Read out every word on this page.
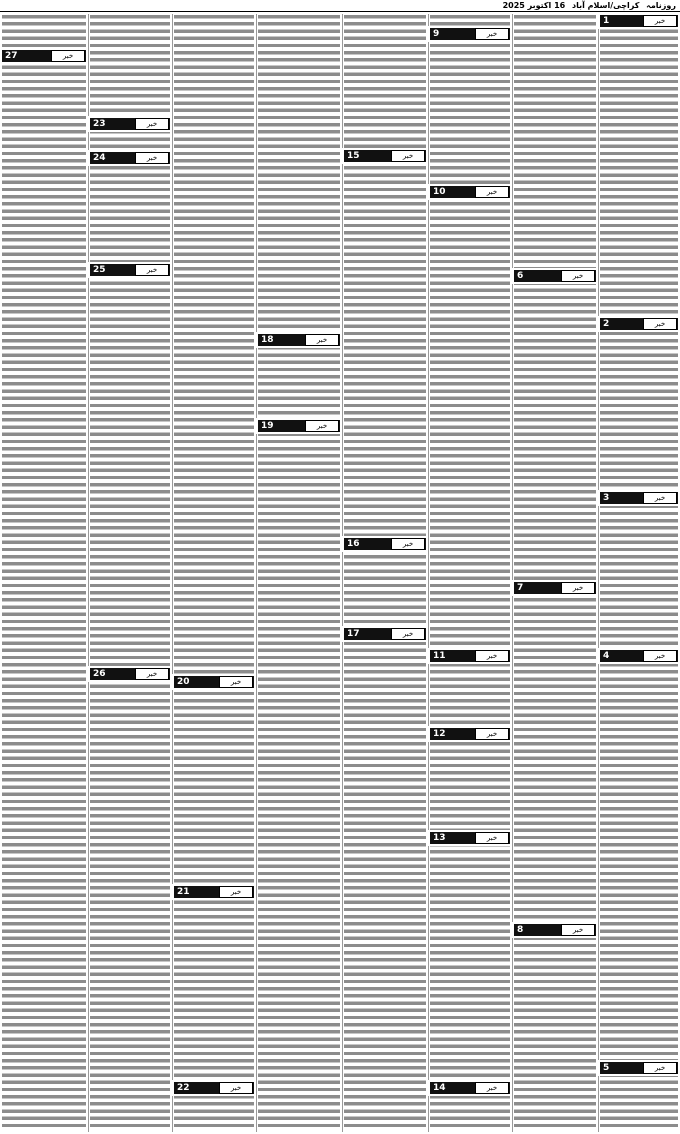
روزنامہ کراچی/اسلام آباد 16 اکتوبر 2025
1	خبر
2	خبر
3	خبر
4	خبر
5	خبر
6	خبر
7	خبر
8	خبر
9	خبر
10	خبر
11	خبر
12	خبر
13	خبر
14	خبر
15	خبر
16	خبر
17	خبر
18	خبر
19	خبر
20	خبر
21	خبر
22	خبر
23	خبر
24	خبر
25	خبر
26	خبر
27	خبر
